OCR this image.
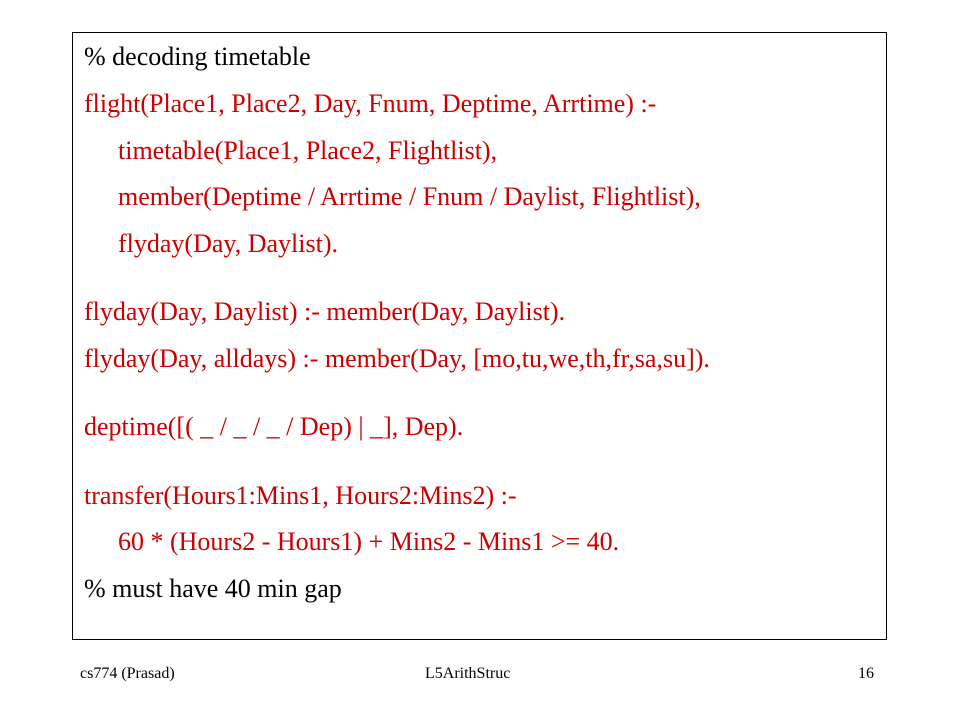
% decoding timetable
flight(Place1, Place2, Day, Fnum, Deptime, Arrtime) :-
timetable(Place1, Place2, Flightlist),
member(Deptime / Arrtime / Fnum / Daylist, Flightlist),
flyday(Day, Daylist).
flyday(Day, Daylist) :- member(Day, Daylist).
flyday(Day, alldays) :- member(Day, [mo,tu,we,th,fr,sa,su]).
deptime([( _ / _ / _ / Dep) | _], Dep).
transfer(Hours1:Mins1, Hours2:Mins2) :-
60 * (Hours2 - Hours1) + Mins2 - Mins1 >= 40.
% must have 40 min gap
cs774 (Prasad)	L5ArithStruc	16
